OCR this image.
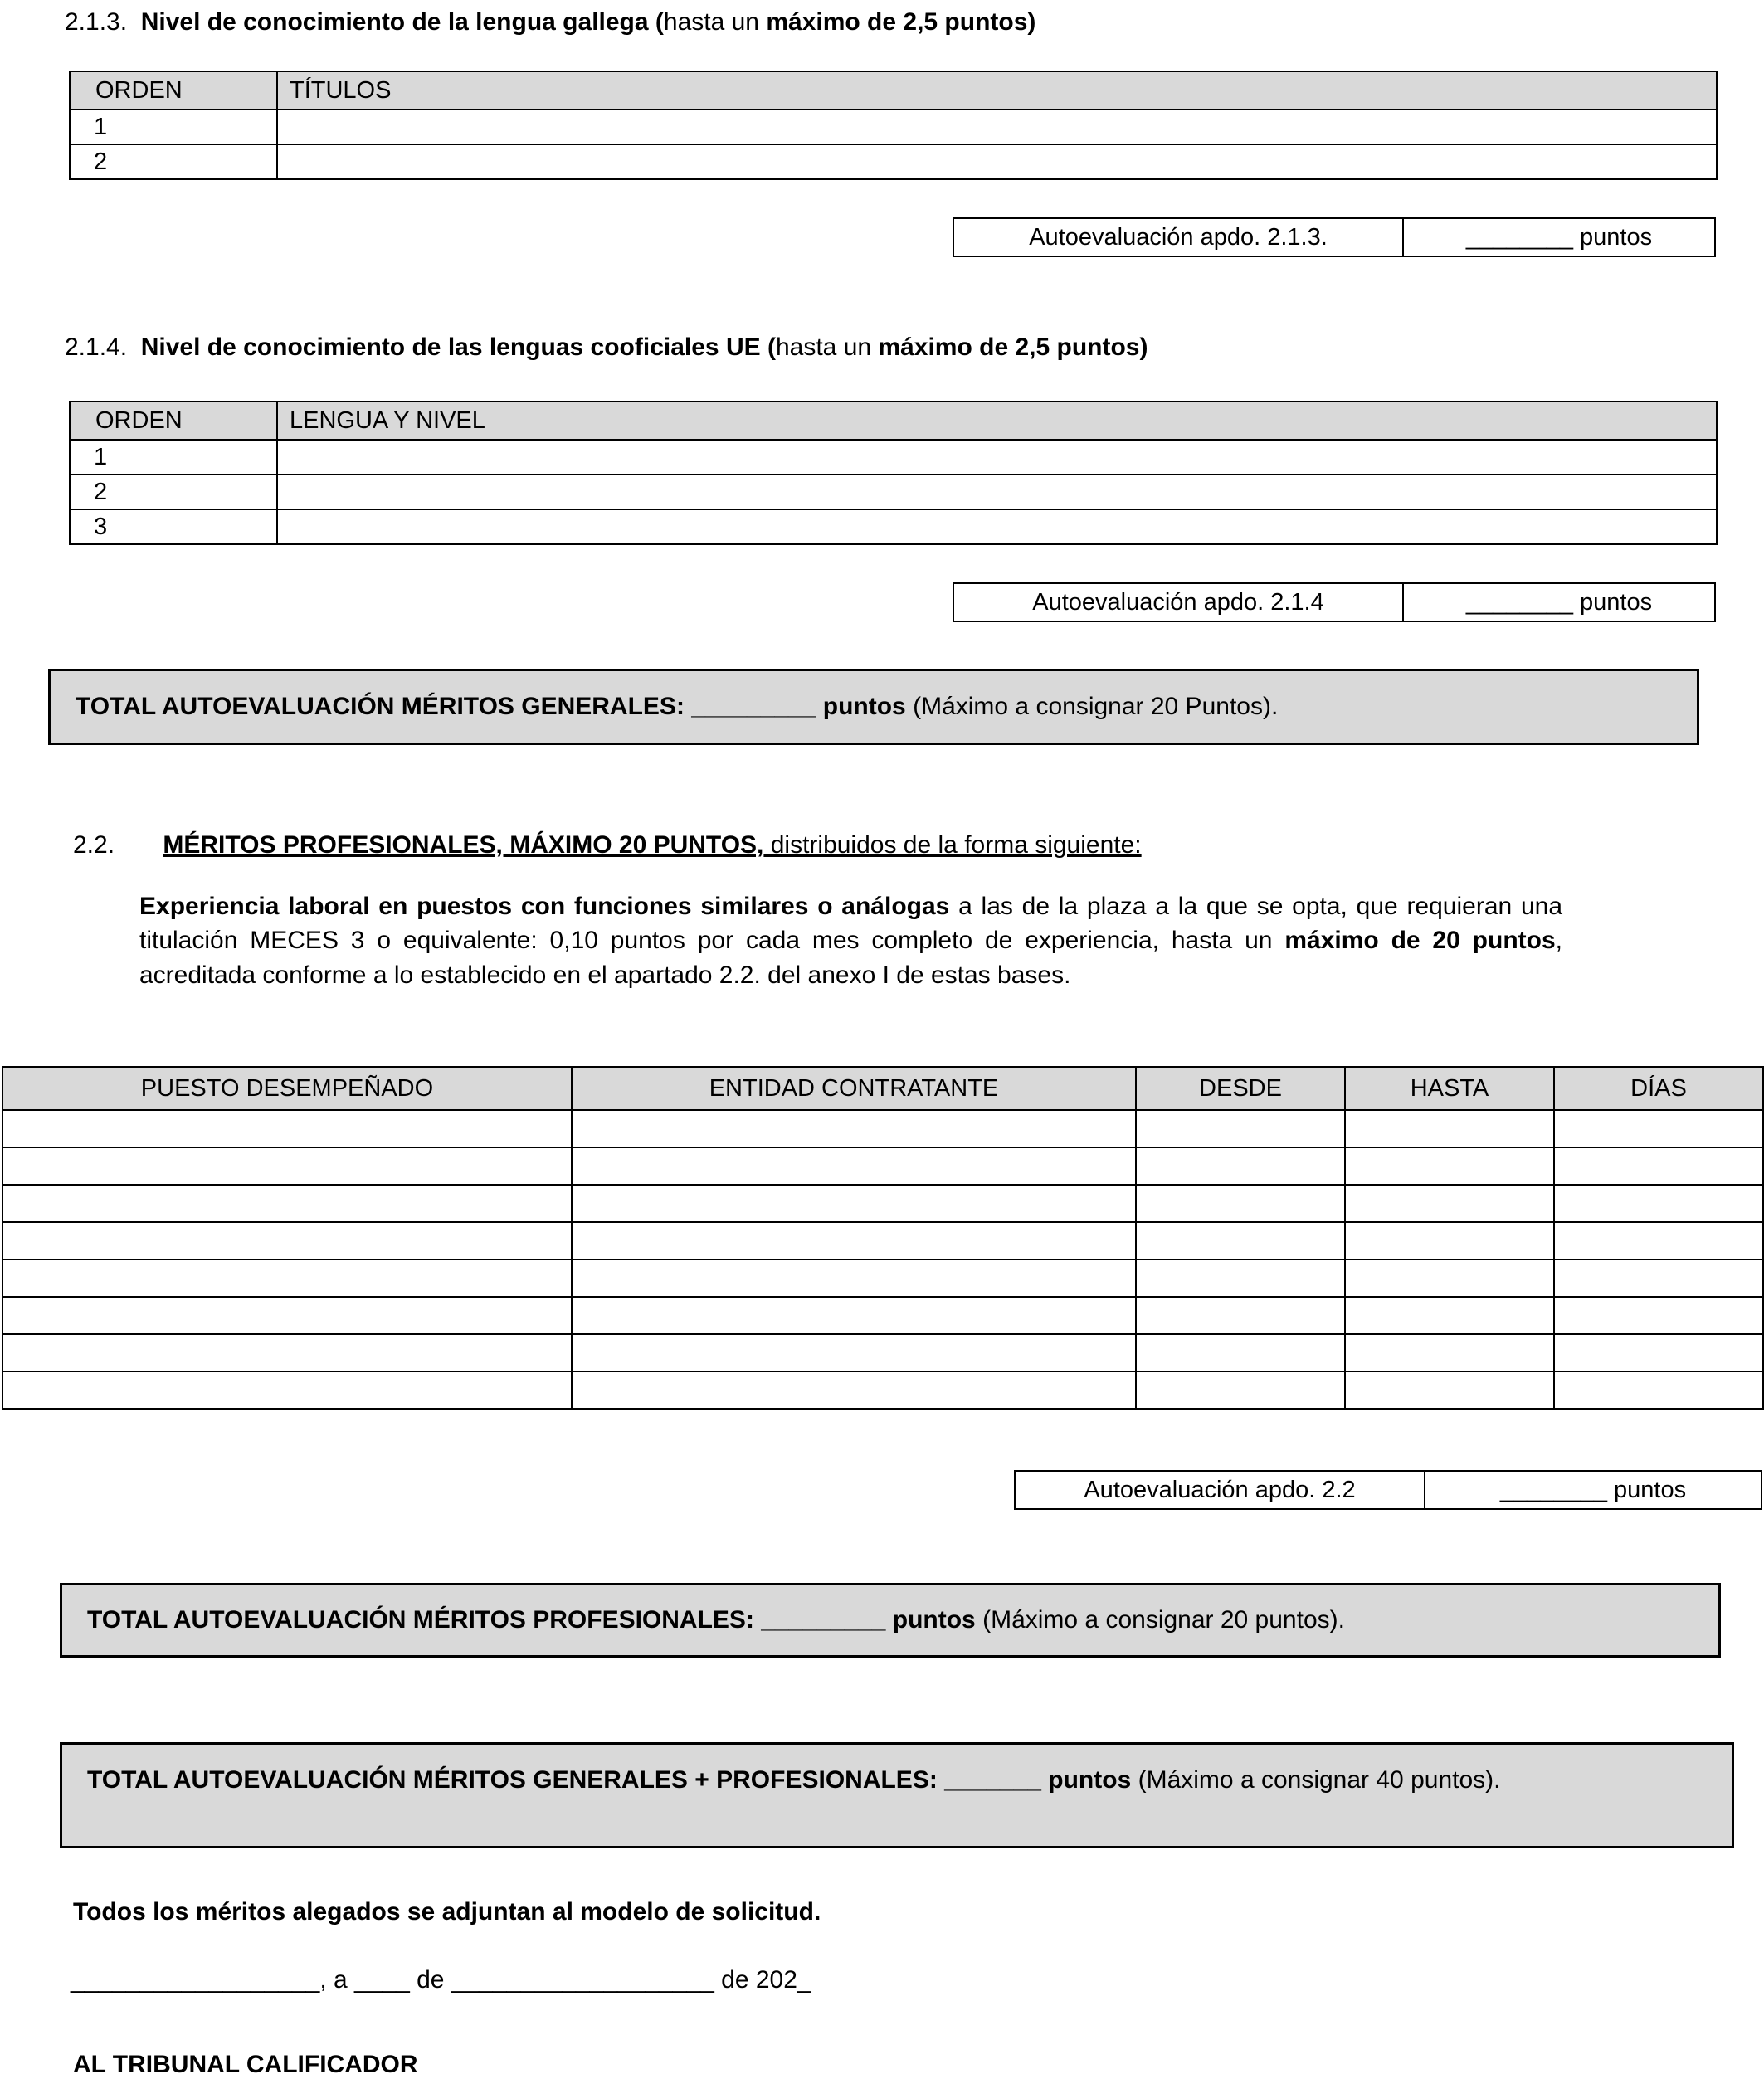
2.1.3. Nivel de conocimiento de la lengua gallega (hasta un máximo de 2,5 puntos)
ORDEN	TÍTULOS
1	
2	
Autoevaluación apdo. 2.1.3.	________ puntos
2.1.4. Nivel de conocimiento de las lenguas cooficiales UE (hasta un máximo de 2,5 puntos)
ORDEN	LENGUA Y NIVEL
1	
2	
3	
Autoevaluación apdo. 2.1.4	________ puntos
TOTAL AUTOEVALUACIÓN MÉRITOS GENERALES: _________ puntos (Máximo a consignar 20 Puntos).
2.2. MÉRITOS PROFESIONALES, MÁXIMO 20 PUNTOS, distribuidos de la forma siguiente:
Experiencia laboral en puestos con funciones similares o análogas a las de la plaza a la que se opta, que requieran una titulación MECES 3 o equivalente: 0,10 puntos por cada mes completo de experiencia, hasta un máximo de 20 puntos, acreditada conforme a lo establecido en el apartado 2.2. del anexo I de estas bases.
PUESTO DESEMPEÑADO	ENTIDAD CONTRATANTE	DESDE	HASTA	DÍAS

Autoevaluación apdo. 2.2	________ puntos
TOTAL AUTOEVALUACIÓN MÉRITOS PROFESIONALES: _________ puntos (Máximo a consignar 20 puntos).
TOTAL AUTOEVALUACIÓN MÉRITOS GENERALES + PROFESIONALES: _______ puntos (Máximo a consignar 40 puntos).
Todos los méritos alegados se adjuntan al modelo de solicitud.
__________________, a ____ de ___________________ de 202_
AL TRIBUNAL CALIFICADOR
